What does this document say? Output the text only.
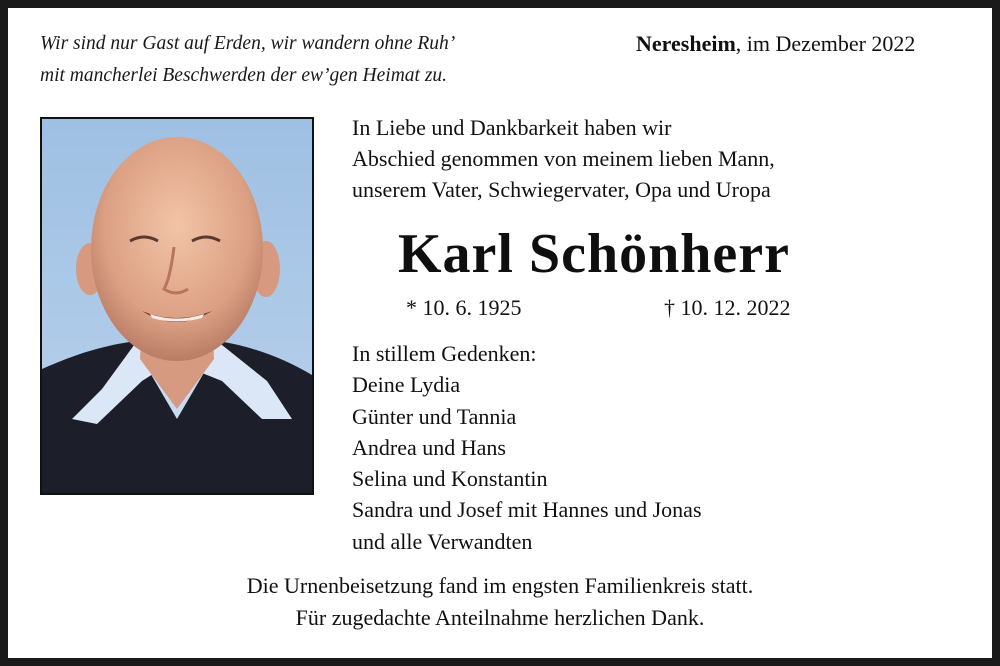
Wir sind nur Gast auf Erden, wir wandern ohne Ruh’
mit mancherlei Beschwerden der ew’gen Heimat zu.
Neresheim, im Dezember 2022
In Liebe und Dankbarkeit haben wir
Abschied genommen von meinem lieben Mann,
unserem Vater, Schwiegervater, Opa und Uropa
Karl Schönherr
* 10. 6. 1925	† 10. 12. 2022
In stillem Gedenken:
Deine Lydia
Günter und Tannia
Andrea und Hans
Selina und Konstantin
Sandra und Josef mit Hannes und Jonas
und alle Verwandten
Die Urnenbeisetzung fand im engsten Familienkreis statt.
Für zugedachte Anteilnahme herzlichen Dank.
